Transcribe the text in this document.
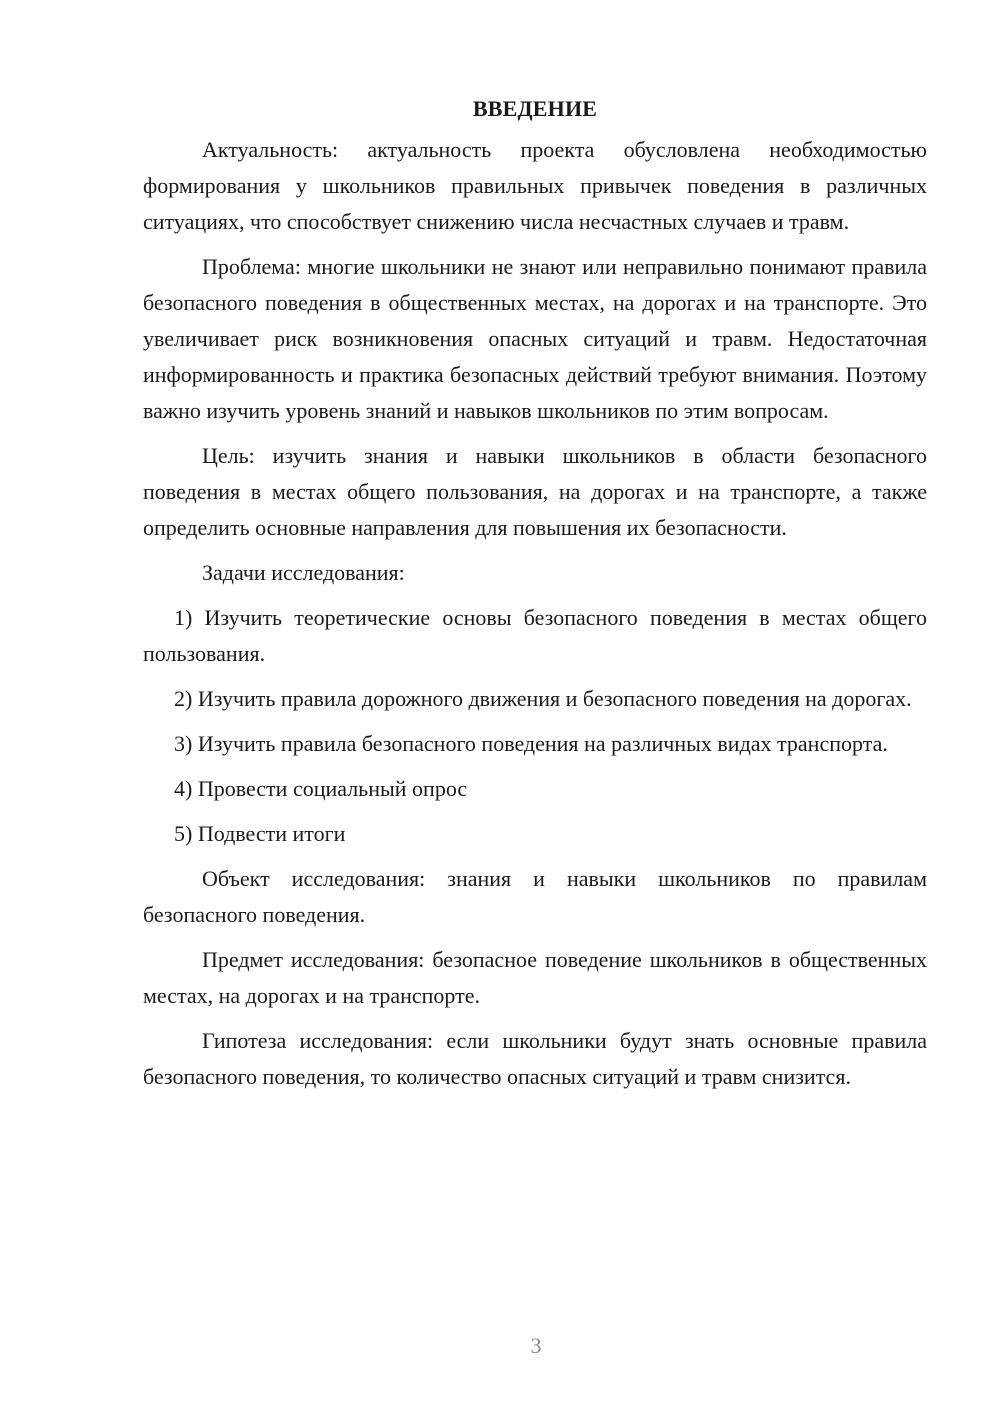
ВВЕДЕНИЕ

Актуальность: актуальность проекта обусловлена необходимостью формирования у школьников правильных привычек поведения в различных ситуациях, что способствует снижению числа несчастных случаев и травм.

Проблема: многие школьники не знают или неправильно понимают правила безопасного поведения в общественных местах, на дорогах и на транспорте. Это увеличивает риск возникновения опасных ситуаций и травм. Недостаточная информированность и практика безопасных действий требуют внимания. Поэтому важно изучить уровень знаний и навыков школьников по этим вопросам.

Цель: изучить знания и навыки школьников в области безопасного поведения в местах общего пользования, на дорогах и на транспорте, а также определить основные направления для повышения их безопасности.

Задачи исследования:

1) Изучить теоретические основы безопасного поведения в местах общего пользования.

2) Изучить правила дорожного движения и безопасного поведения на дорогах.

3) Изучить правила безопасного поведения на различных видах транспорта.

4) Провести социальный опрос

5) Подвести итоги

Объект исследования: знания и навыки школьников по правилам безопасного поведения.

Предмет исследования: безопасное поведение школьников в общественных местах, на дорогах и на транспорте.

Гипотеза исследования: если школьники будут знать основные правила безопасного поведения, то количество опасных ситуаций и травм снизится.

3
